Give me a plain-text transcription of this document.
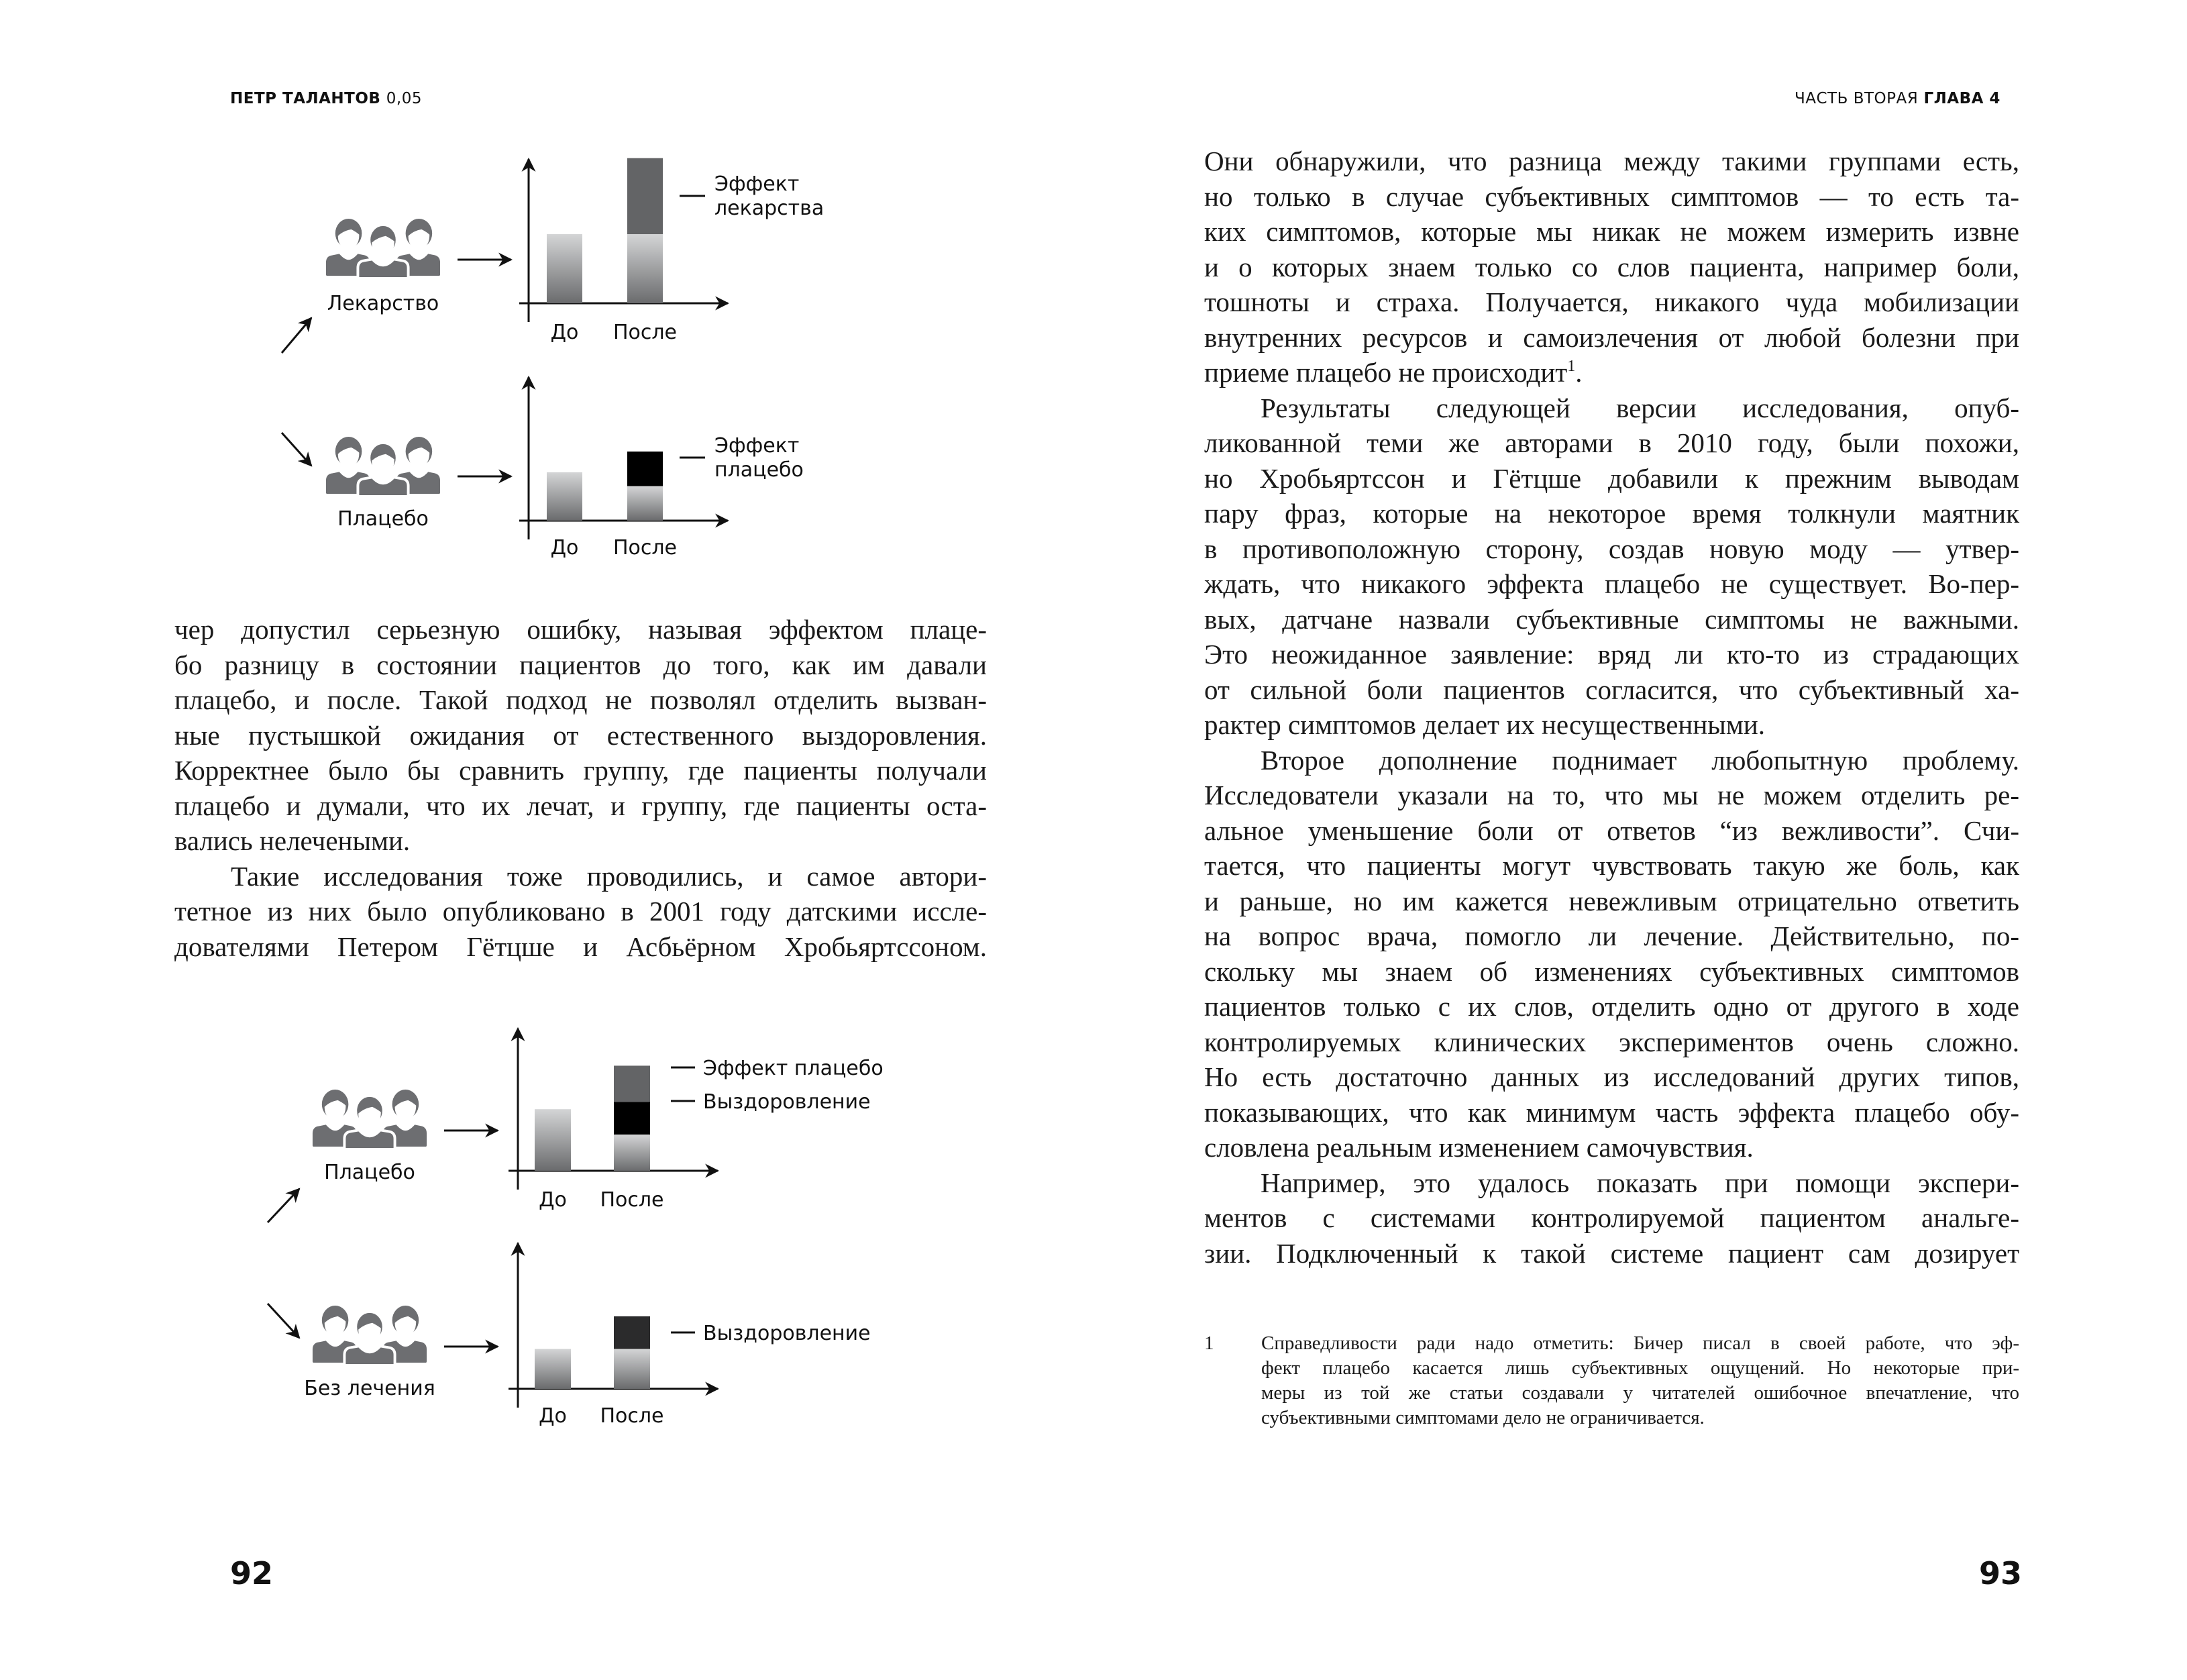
ПЕТР ТАЛАНТОВ 0,05	ЧАСТЬ ВТОРАЯ ГЛАВА 4
Лекарство
До После
Эффект
лекарства
Плацебо
До После
Эффект
плацебо
Плацебо
До После
Эффект плацебо
Выздоровление
Без лечения
До После
Выздоровление
чер допустил серьезную ошибку, называя эффектом плаце-
бо разницу в состоянии пациентов до того, как им давали
плацебо, и после. Такой подход не позволял отделить вызван-
ные пустышкой ожидания от естественного выздоровления.
Корректнее было бы сравнить группу, где пациенты получали
плацебо и думали, что их лечат, и группу, где пациенты оста-
вались нелечеными.
Такие исследования тоже проводились, и самое автори-
тетное из них было опубликовано в 2001 году датскими иссле-
дователями Петером Гётцше и Асбьёрном Хробьяртссоном.
Они обнаружили, что разница между такими группами есть,
но только в случае субъективных симптомов — то есть та-
ких симптомов, которые мы никак не можем измерить извне
и о которых знаем только со слов пациента, например боли,
тошноты и страха. Получается, никакого чуда мобилизации
внутренних ресурсов и самоизлечения от любой болезни при
приеме плацебо не происходит$^1$.
Результаты следующей версии исследования, опуб-
ликованной теми же авторами в 2010 году, были похожи,
но Хробьяртссон и Гётцше добавили к прежним выводам
пару фраз, которые на некоторое время толкнули маятник
в противоположную сторону, создав новую моду — утвер-
ждать, что никакого эффекта плацебо не существует. Во-пер-
вых, датчане назвали субъективные симптомы не важными.
Это неожиданное заявление: вряд ли кто-то из страдающих
от сильной боли пациентов согласится, что субъективный ха-
рактер симптомов делает их несущественными.
Второе дополнение поднимает любопытную проблему.
Исследователи указали на то, что мы не можем отделить ре-
альное уменьшение боли от ответов “из вежливости”. Счи-
тается, что пациенты могут чувствовать такую же боль, как
и раньше, но им кажется невежливым отрицательно ответить
на вопрос врача, помогло ли лечение. Действительно, по-
скольку мы знаем об изменениях субъективных симптомов
пациентов только с их слов, отделить одно от другого в ходе
контролируемых клинических экспериментов очень сложно.
Но есть достаточно данных из исследований других типов,
показывающих, что как минимум часть эффекта плацебо обу-
словлена реальным изменением самочувствия.
Например, это удалось показать при помощи экспери-
ментов с системами контролируемой пациентом анальге-
зии. Подключенный к такой системе пациент сам дозирует
1 Справедливости ради надо отметить: Бичер писал в своей работе, что эф-
фект плацебо касается лишь субъективных ощущений. Но некоторые при-
меры из той же статьи создавали у читателей ошибочное впечатление, что
субъективными симптомами дело не ограничивается.
92	93
